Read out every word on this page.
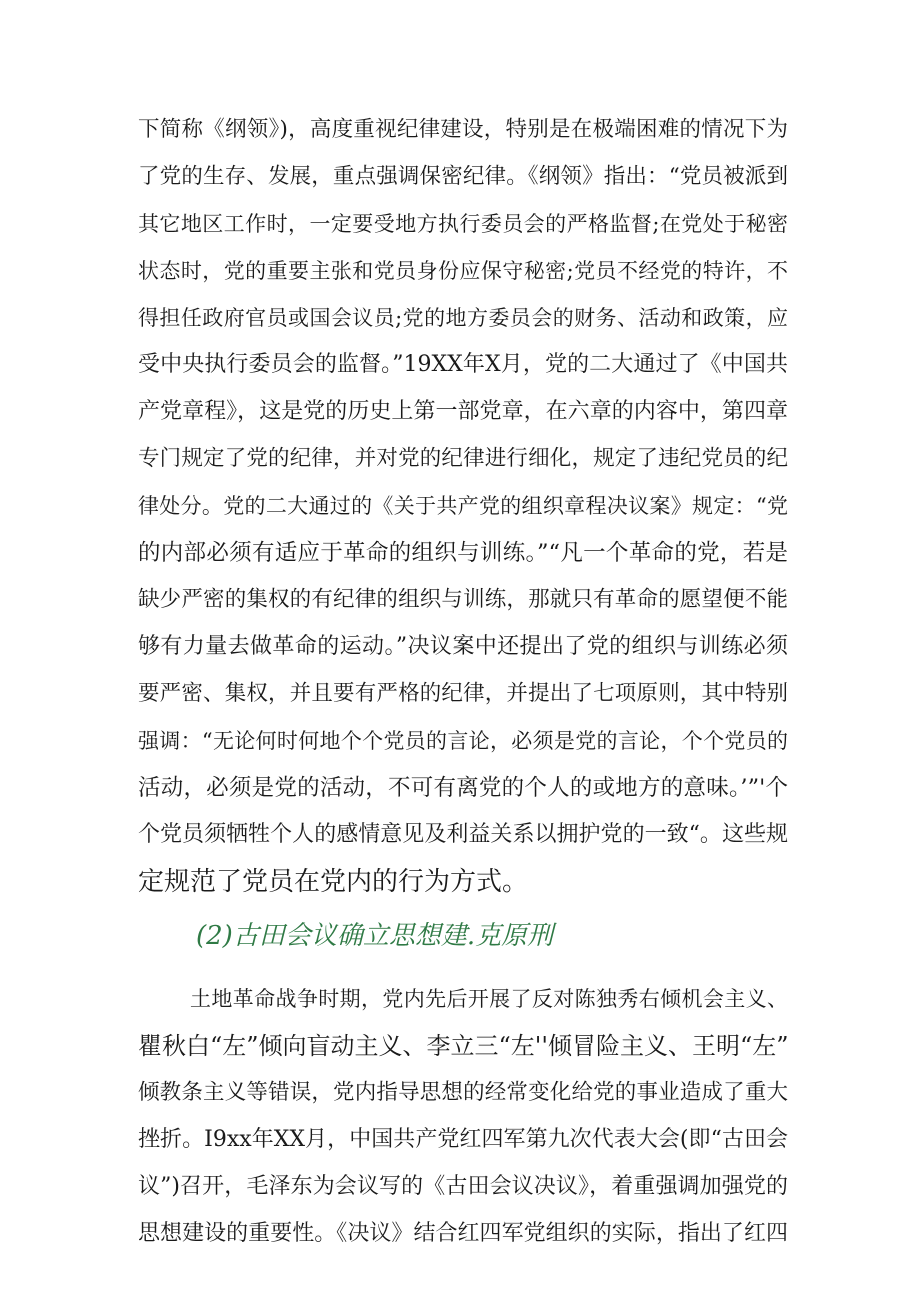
下简称《纲领》)，高度重视纪律建设，特别是在极端困难的情况下为
了党的生存、发展，重点强调保密纪律。《纲领》指出：“党员被派到
其它地区工作时，一定要受地方执行委员会的严格监督;在党处于秘密
状态时，党的重要主张和党员身份应保守秘密;党员不经党的特许，不
得担任政府官员或国会议员;党的地方委员会的财务、活动和政策，应
受中央执行委员会的监督。”19XX年X月，党的二大通过了《中国共
产党章程》，这是党的历史上第一部党章，在六章的内容中，第四章
专门规定了党的纪律，并对党的纪律进行细化，规定了违纪党员的纪
律处分。党的二大通过的《关于共产党的组织章程决议案》规定：“党
的内部必须有适应于革命的组织与训练。”“凡一个革命的党，若是
缺少严密的集权的有纪律的组织与训练，那就只有革命的愿望便不能
够有力量去做革命的运动。”决议案中还提出了党的组织与训练必须
要严密、集权，并且要有严格的纪律，并提出了七项原则，其中特别
强调：“无论何时何地个个党员的言论，必须是党的言论，个个党员的
活动，必须是党的活动，不可有离党的个人的或地方的意味。’”'个
个党员须牺牲个人的感情意见及利益关系以拥护党的一致“。这些规
定规范了党员在党内的行为方式。
(2)古田会议确立思想建.克原刑
土地革命战争时期，党内先后开展了反对陈独秀右倾机会主义、
瞿秋白“左”倾向盲动主义、李立三“左''倾冒险主义、王明“左”
倾教条主义等错误，党内指导思想的经常变化给党的事业造成了重大
挫折。I9xx年XX月，中国共产党红四军第九次代表大会(即“古田会
议”)召开，毛泽东为会议写的《古田会议决议》，着重强调加强党的
思想建设的重要性。《决议》结合红四军党组织的实际，指出了红四
